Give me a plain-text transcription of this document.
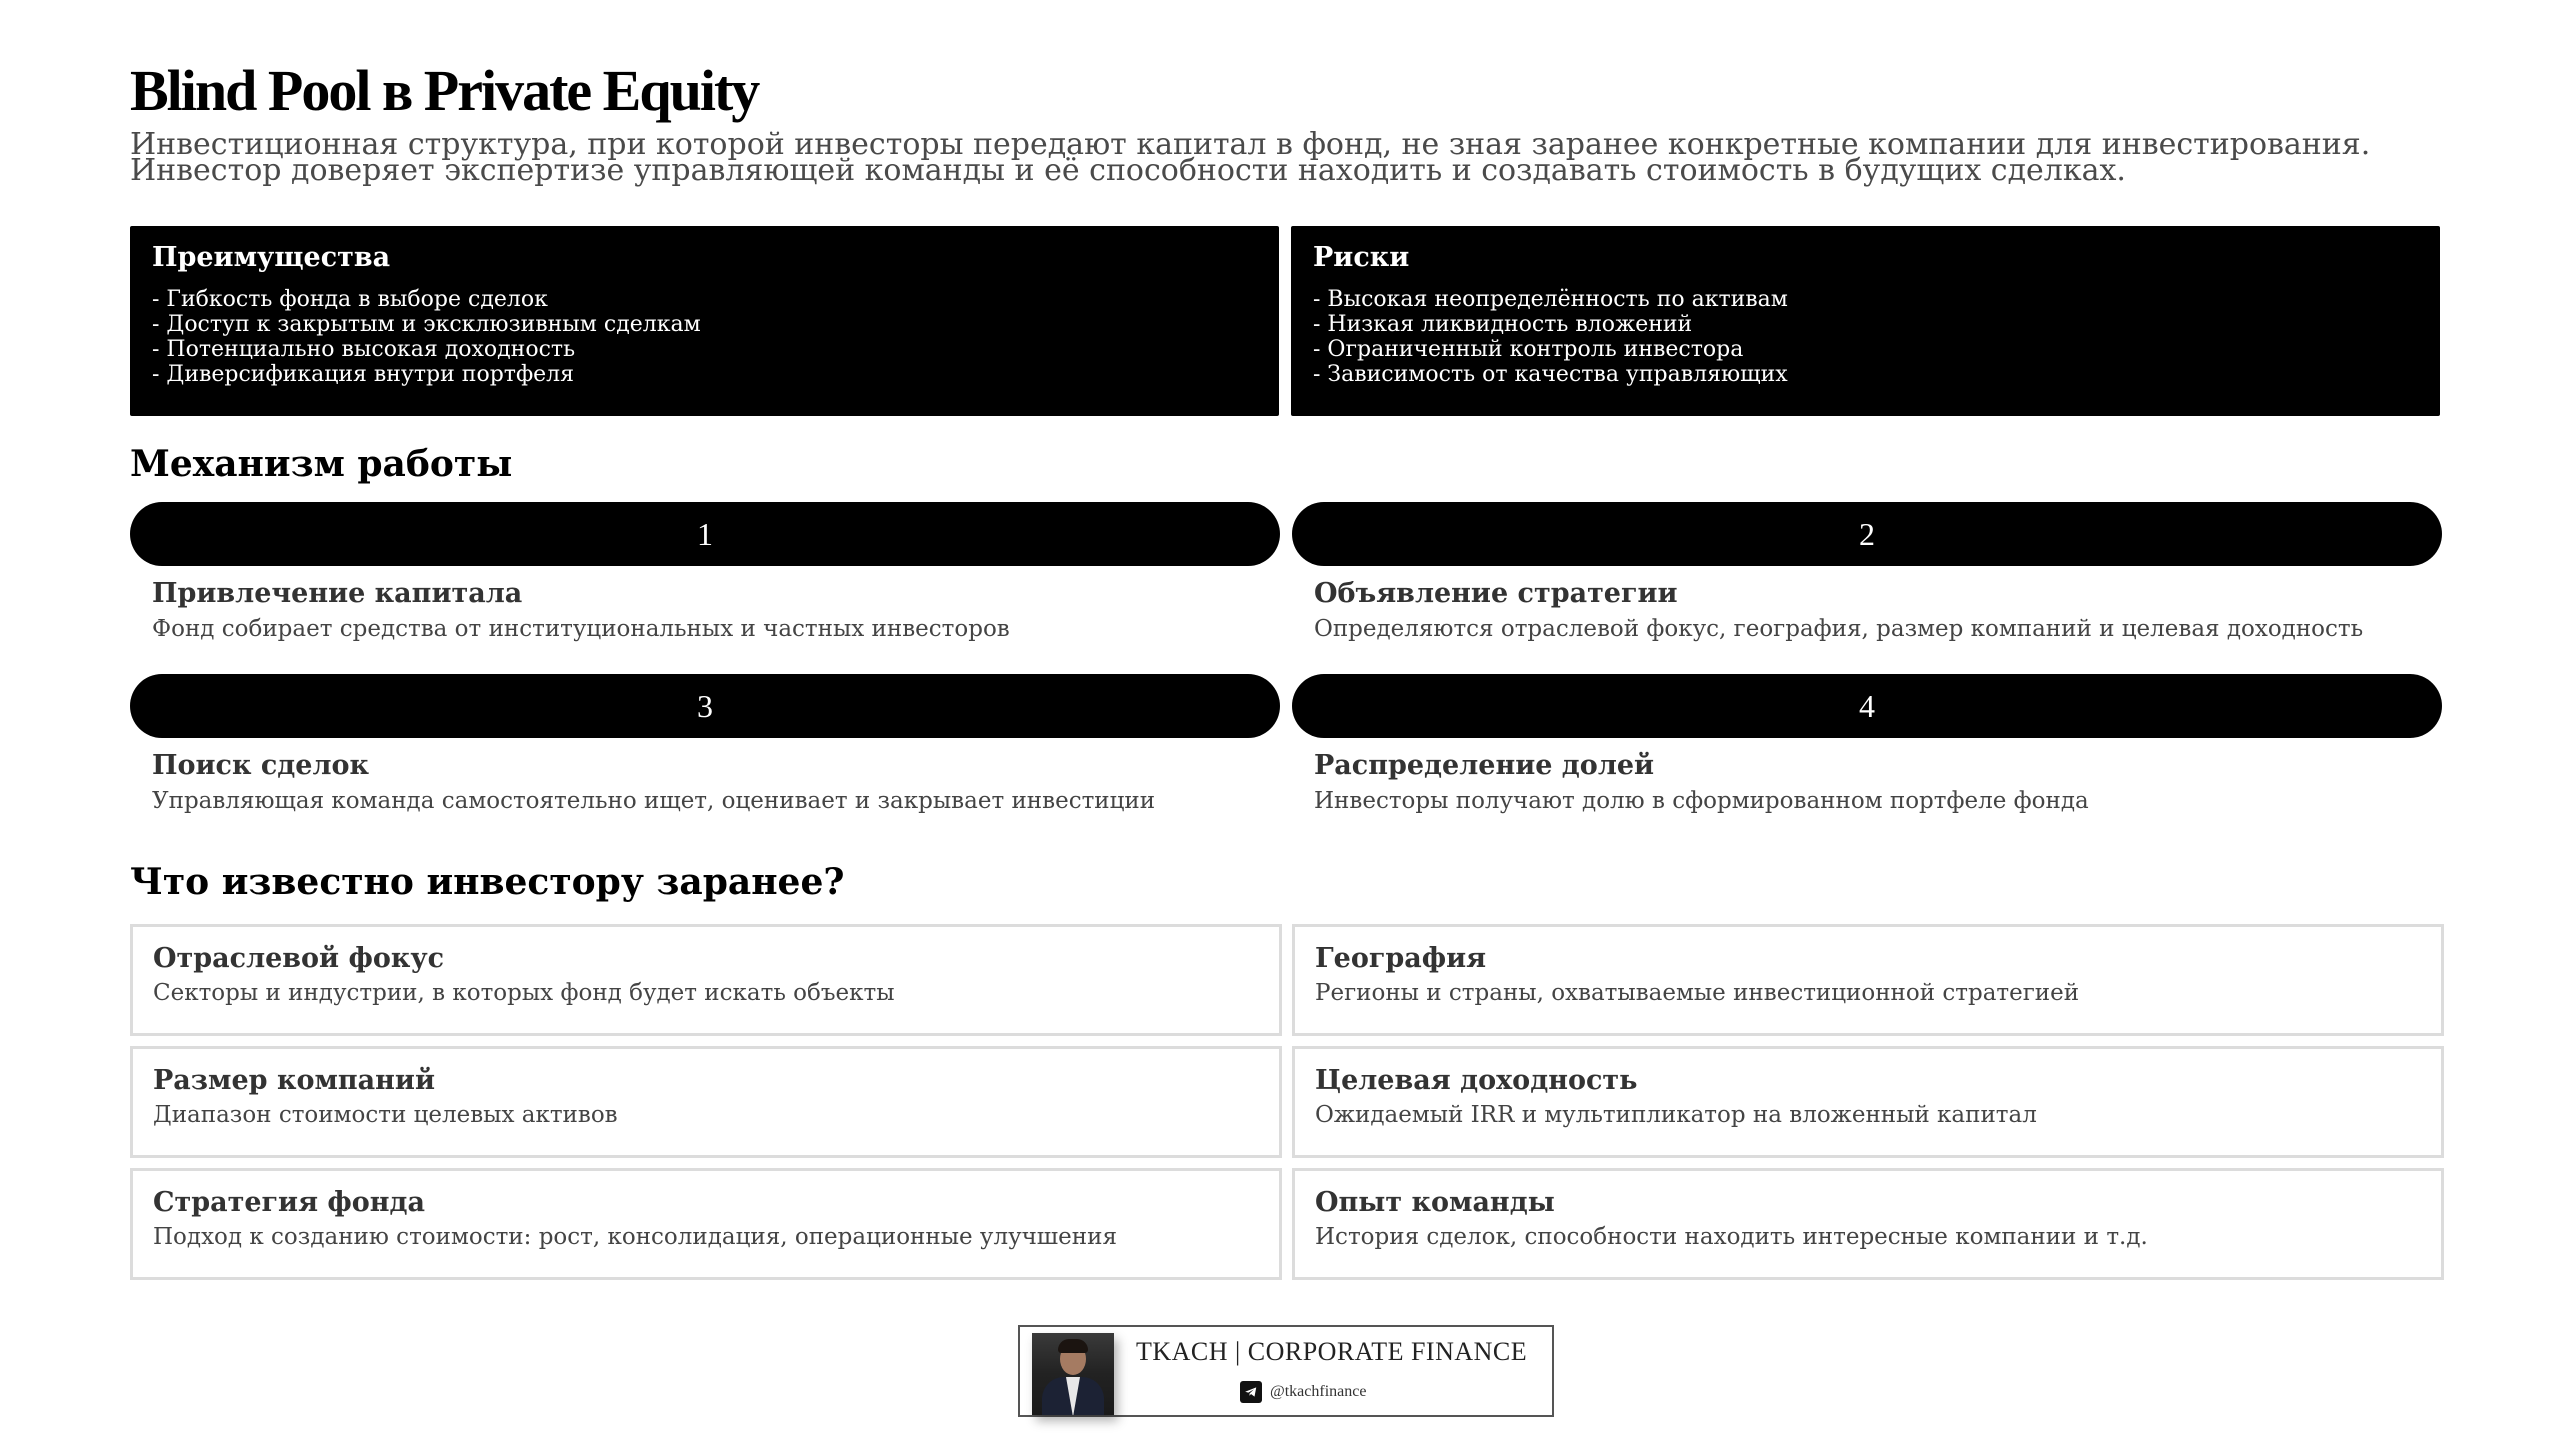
Blind Pool в Private Equity
Инвестиционная структура, при которой инвесторы передают капитал в фонд, не зная заранее конкретные компании для инвестирования. Инвестор доверяет экспертизе управляющей команды и её способности находить и создавать стоимость в будущих сделках.
Преимущества
- Гибкость фонда в выборе сделок
- Доступ к закрытым и эксклюзивным сделкам
- Потенциально высокая доходность
- Диверсификация внутри портфеля
Риски
- Высокая неопределённость по активам
- Низкая ликвидность вложений
- Ограниченный контроль инвестора
- Зависимость от качества управляющих
Механизм работы
1
Привлечение капитала
Фонд собирает средства от институциональных и частных инвесторов
2
Объявление стратегии
Определяются отраслевой фокус, география, размер компаний и целевая доходность
3
Поиск сделок
Управляющая команда самостоятельно ищет, оценивает и закрывает инвестиции
4
Распределение долей
Инвесторы получают долю в сформированном портфеле фонда
Что известно инвестору заранее?
Отраслевой фокус
Секторы и индустрии, в которых фонд будет искать объекты
География
Регионы и страны, охватываемые инвестиционной стратегией
Размер компаний
Диапазон стоимости целевых активов
Целевая доходность
Ожидаемый IRR и мультипликатор на вложенный капитал
Стратегия фонда
Подход к созданию стоимости: рост, консолидация, операционные улучшения
Опыт команды
История сделок, способности находить интересные компании и т.д.
TKACH | CORPORATE FINANCE
@tkachfinance
